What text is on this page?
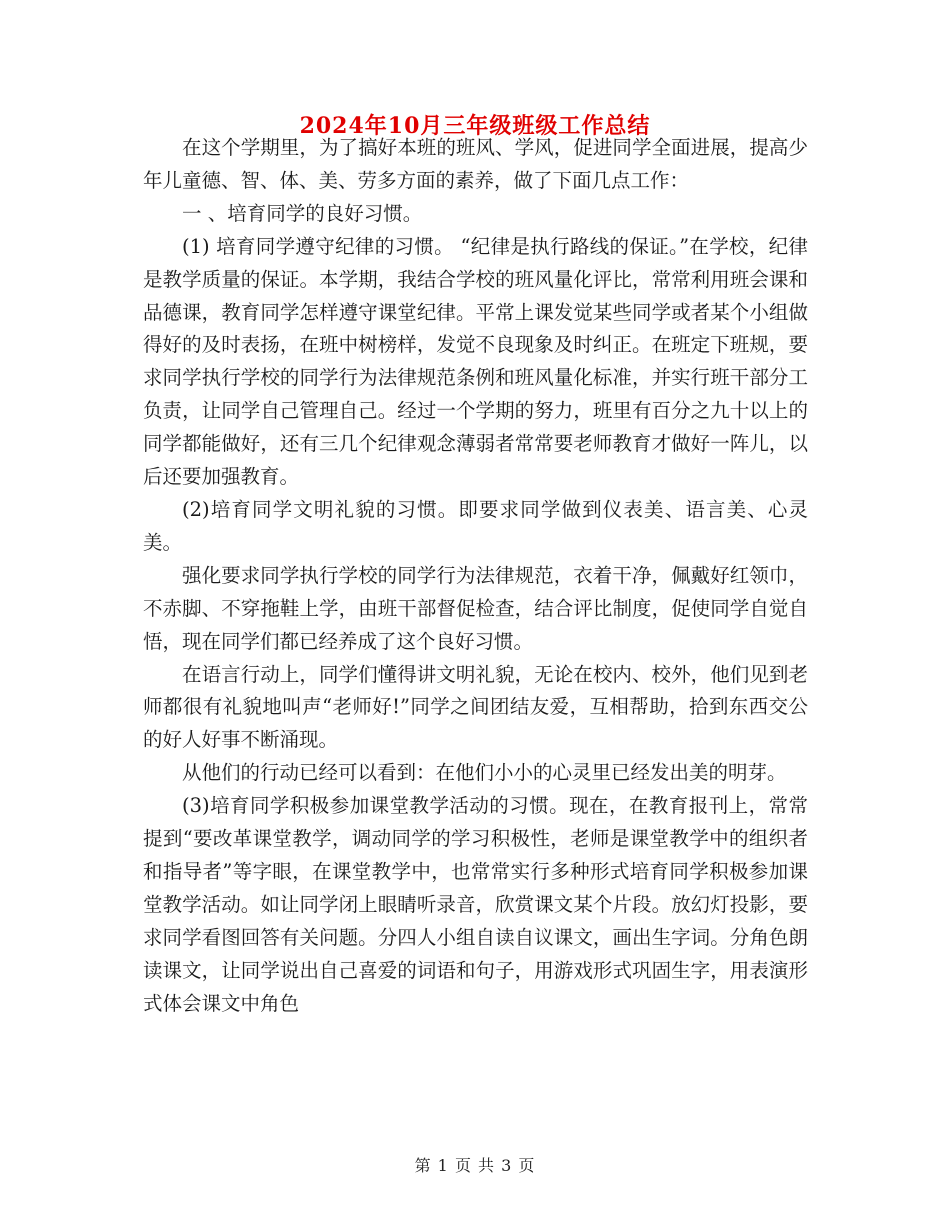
2024年10月三年级班级工作总结

在这个学期里，为了搞好本班的班风、学风，促进同学全面进展，提高少年儿童德、智、体、美、劳多方面的素养，做了下面几点工作：

一 、培育同学的良好习惯。

(1) 培育同学遵守纪律的习惯。 “纪律是执行路线的保证。”在学校，纪律是教学质量的保证。本学期，我结合学校的班风量化评比，常常利用班会课和品德课，教育同学怎样遵守课堂纪律。平常上课发觉某些同学或者某个小组做得好的及时表扬，在班中树榜样，发觉不良现象及时纠正。在班定下班规，要求同学执行学校的同学行为法律规范条例和班风量化标准，并实行班干部分工负责，让同学自己管理自己。经过一个学期的努力，班里有百分之九十以上的同学都能做好，还有三几个纪律观念薄弱者常常要老师教育才做好一阵儿，以后还要加强教育。

(2)培育同学文明礼貌的习惯。即要求同学做到仪表美、语言美、心灵美。

强化要求同学执行学校的同学行为法律规范，衣着干净，佩戴好红领巾，不赤脚、不穿拖鞋上学，由班干部督促检查，结合评比制度，促使同学自觉自悟，现在同学们都已经养成了这个良好习惯。

在语言行动上，同学们懂得讲文明礼貌，无论在校内、校外，他们见到老师都很有礼貌地叫声“老师好!”同学之间团结友爱，互相帮助，拾到东西交公的好人好事不断涌现。

从他们的行动已经可以看到：在他们小小的心灵里已经发出美的明芽。

(3)培育同学积极参加课堂教学活动的习惯。现在，在教育报刊上，常常提到“要改革课堂教学，调动同学的学习积极性，老师是课堂教学中的组织者和指导者”等字眼，在课堂教学中，也常常实行多种形式培育同学积极参加课堂教学活动。如让同学闭上眼睛听录音，欣赏课文某个片段。放幻灯投影，要求同学看图回答有关问题。分四人小组自读自议课文，画出生字词。分角色朗读课文，让同学说出自己喜爱的词语和句子，用游戏形式巩固生字，用表演形式体会课文中角色

第 1 页 共 3 页
